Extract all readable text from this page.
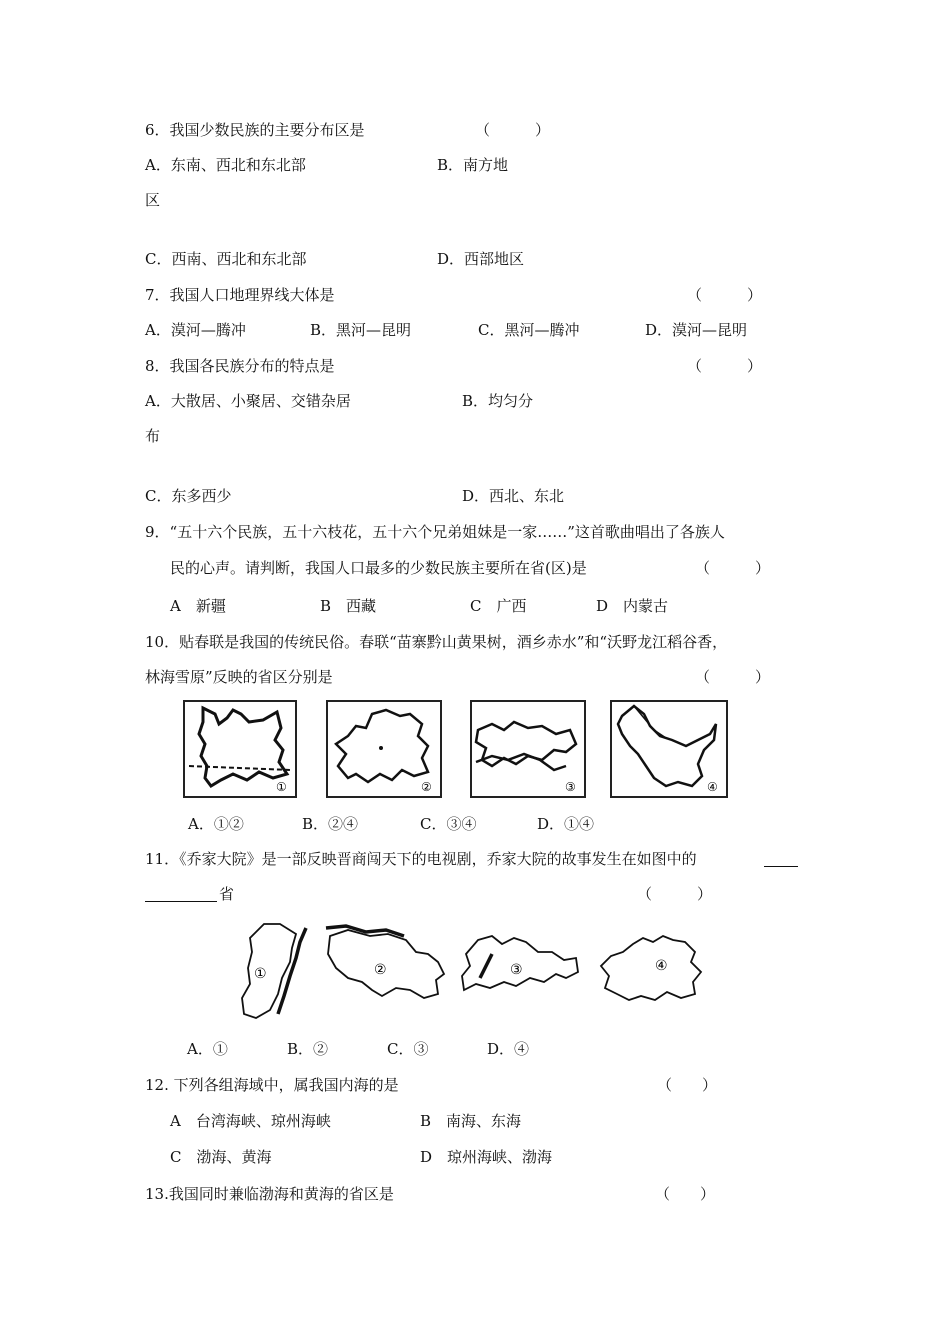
6．我国少数民族的主要分布区是	（　　　）
A．东南、西北和东北部	B．南方地
区
C．西南、西北和东北部	D．西部地区
7．我国人口地理界线大体是	（　　　）
A．漠河—腾冲	B．黑河—昆明	C．黑河—腾冲	D．漠河—昆明
8．我国各民族分布的特点是	（　　　）
A．大散居、小聚居、交错杂居	B．均匀分
布
C．东多西少	D．西北、东北
9．“五十六个民族，五十六枝花，五十六个兄弟姐妹是一家……”这首歌曲唱出了各族人
民的心声。请判断，我国人口最多的少数民族主要所在省(区)是	（　　　）
A　新疆	B　西藏	C　广西	D　内蒙古
10．贴春联是我国的传统民俗。春联“苗寨黔山黄果树，酒乡赤水”和“沃野龙江稻谷香，
林海雪原”反映的省区分别是	（　　　）
①	②	③	④
A．①②	B．②④	C．③④	D．①④
11．《乔家大院》是一部反映晋商闯天下的电视剧，乔家大院的故事发生在如图中的
省	（　　　）
①	②	③	④
A．①	B．②	C．③	D．④
12. 下列各组海域中，属我国内海的是	（　　）
A　台湾海峡、琼州海峡	B　南海、东海
C　渤海、黄海	D　琼州海峡、渤海
13.我国同时兼临渤海和黄海的省区是	（　　）
